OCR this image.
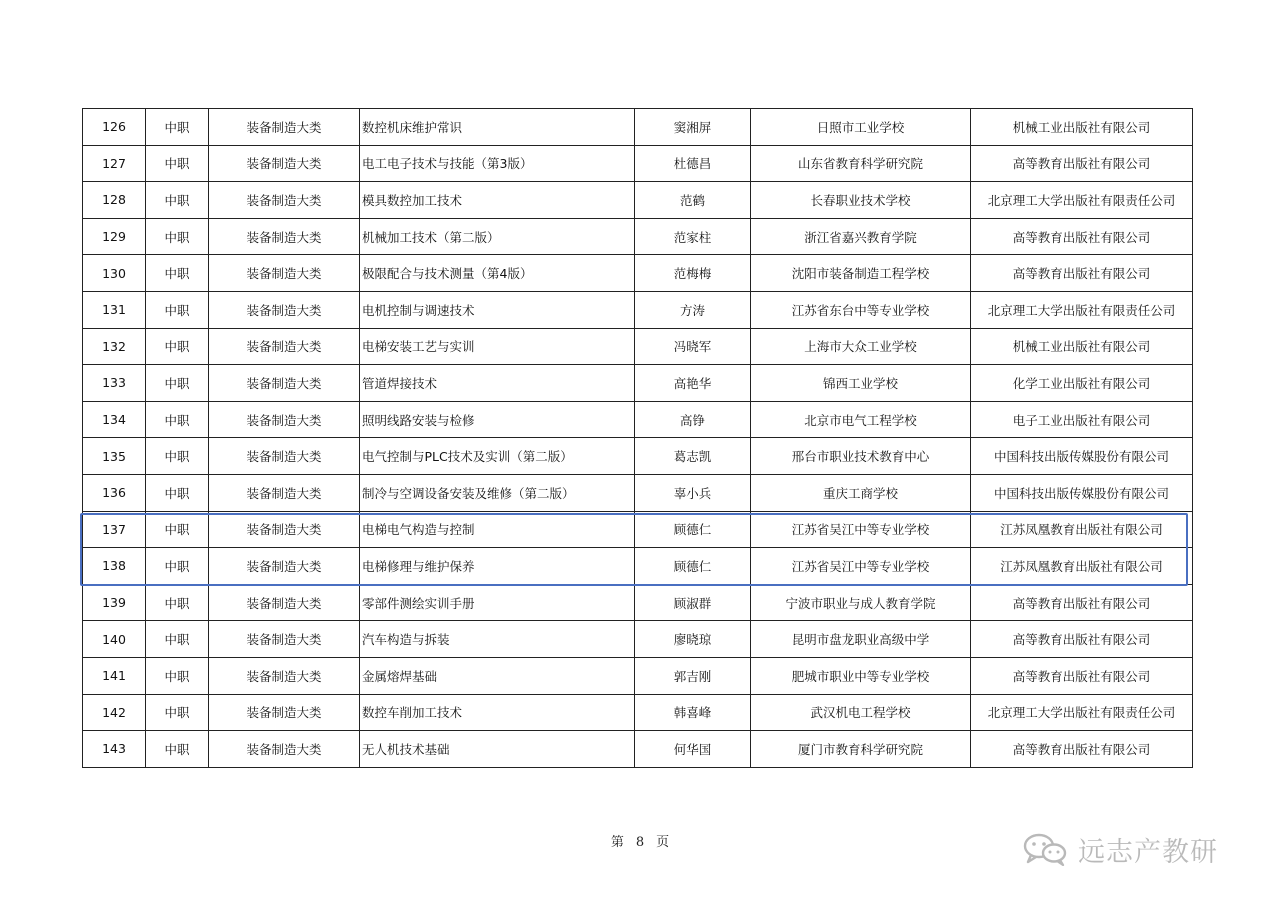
126	中职	装备制造大类	数控机床维护常识	窦湘屏	日照市工业学校	机械工业出版社有限公司
127	中职	装备制造大类	电工电子技术与技能（第3版）	杜德昌	山东省教育科学研究院	高等教育出版社有限公司
128	中职	装备制造大类	模具数控加工技术	范鹤	长春职业技术学校	北京理工大学出版社有限责任公司
129	中职	装备制造大类	机械加工技术（第二版）	范家柱	浙江省嘉兴教育学院	高等教育出版社有限公司
130	中职	装备制造大类	极限配合与技术测量（第4版）	范梅梅	沈阳市装备制造工程学校	高等教育出版社有限公司
131	中职	装备制造大类	电机控制与调速技术	方涛	江苏省东台中等专业学校	北京理工大学出版社有限责任公司
132	中职	装备制造大类	电梯安装工艺与实训	冯晓军	上海市大众工业学校	机械工业出版社有限公司
133	中职	装备制造大类	管道焊接技术	高艳华	锦西工业学校	化学工业出版社有限公司
134	中职	装备制造大类	照明线路安装与检修	高铮	北京市电气工程学校	电子工业出版社有限公司
135	中职	装备制造大类	电气控制与PLC技术及实训（第二版）	葛志凯	邢台市职业技术教育中心	中国科技出版传媒股份有限公司
136	中职	装备制造大类	制冷与空调设备安装及维修（第二版）	辜小兵	重庆工商学校	中国科技出版传媒股份有限公司
137	中职	装备制造大类	电梯电气构造与控制	顾德仁	江苏省吴江中等专业学校	江苏凤凰教育出版社有限公司
138	中职	装备制造大类	电梯修理与维护保养	顾德仁	江苏省吴江中等专业学校	江苏凤凰教育出版社有限公司
139	中职	装备制造大类	零部件测绘实训手册	顾淑群	宁波市职业与成人教育学院	高等教育出版社有限公司
140	中职	装备制造大类	汽车构造与拆装	廖晓琼	昆明市盘龙职业高级中学	高等教育出版社有限公司
141	中职	装备制造大类	金属熔焊基础	郭吉刚	肥城市职业中等专业学校	高等教育出版社有限公司
142	中职	装备制造大类	数控车削加工技术	韩喜峰	武汉机电工程学校	北京理工大学出版社有限责任公司
143	中职	装备制造大类	无人机技术基础	何华国	厦门市教育科学研究院	高等教育出版社有限公司
第 8 页	远志产教研
